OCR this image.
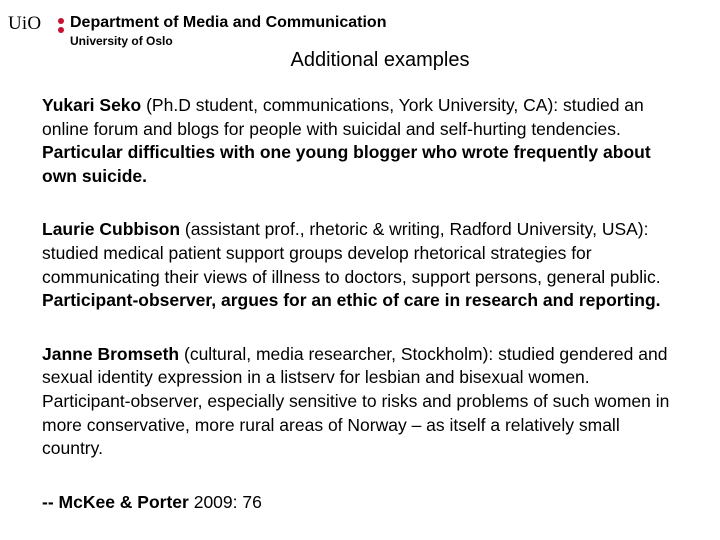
UiO Department of Media and Communication
University of Oslo
Additional examples

Yukari Seko (Ph.D student, communications, York University, CA): studied an online forum and blogs for people with suicidal and self-hurting tendencies. Particular difficulties with one young blogger who wrote frequently about own suicide.

Laurie Cubbison (assistant prof., rhetoric & writing, Radford University, USA): studied medical patient support groups develop rhetorical strategies for communicating their views of illness to doctors, support persons, general public. Participant-observer, argues for an ethic of care in research and reporting.

Janne Bromseth (cultural, media researcher, Stockholm): studied gendered and sexual identity expression in a listserv for lesbian and bisexual women. Participant-observer, especially sensitive to risks and problems of such women in more conservative, more rural areas of Norway – as itself a relatively small country.

-- McKee & Porter 2009: 76
